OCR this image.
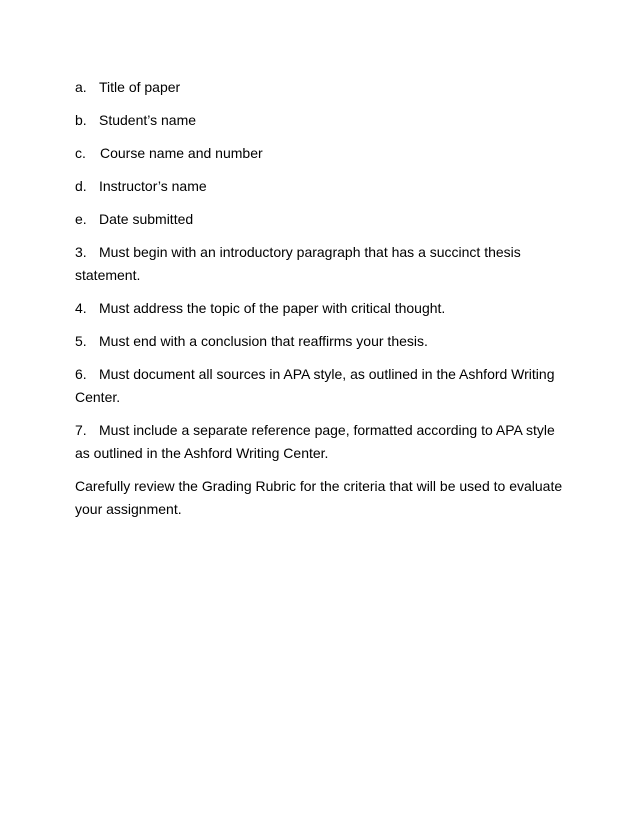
a. Title of paper

b. Student’s name

c. Course name and number

d. Instructor’s name

e. Date submitted

3. Must begin with an introductory paragraph that has a succinct thesis statement.

4. Must address the topic of the paper with critical thought.

5. Must end with a conclusion that reaffirms your thesis.

6. Must document all sources in APA style, as outlined in the Ashford Writing Center.

7. Must include a separate reference page, formatted according to APA style as outlined in the Ashford Writing Center.

Carefully review the Grading Rubric for the criteria that will be used to evaluate your assignment.
